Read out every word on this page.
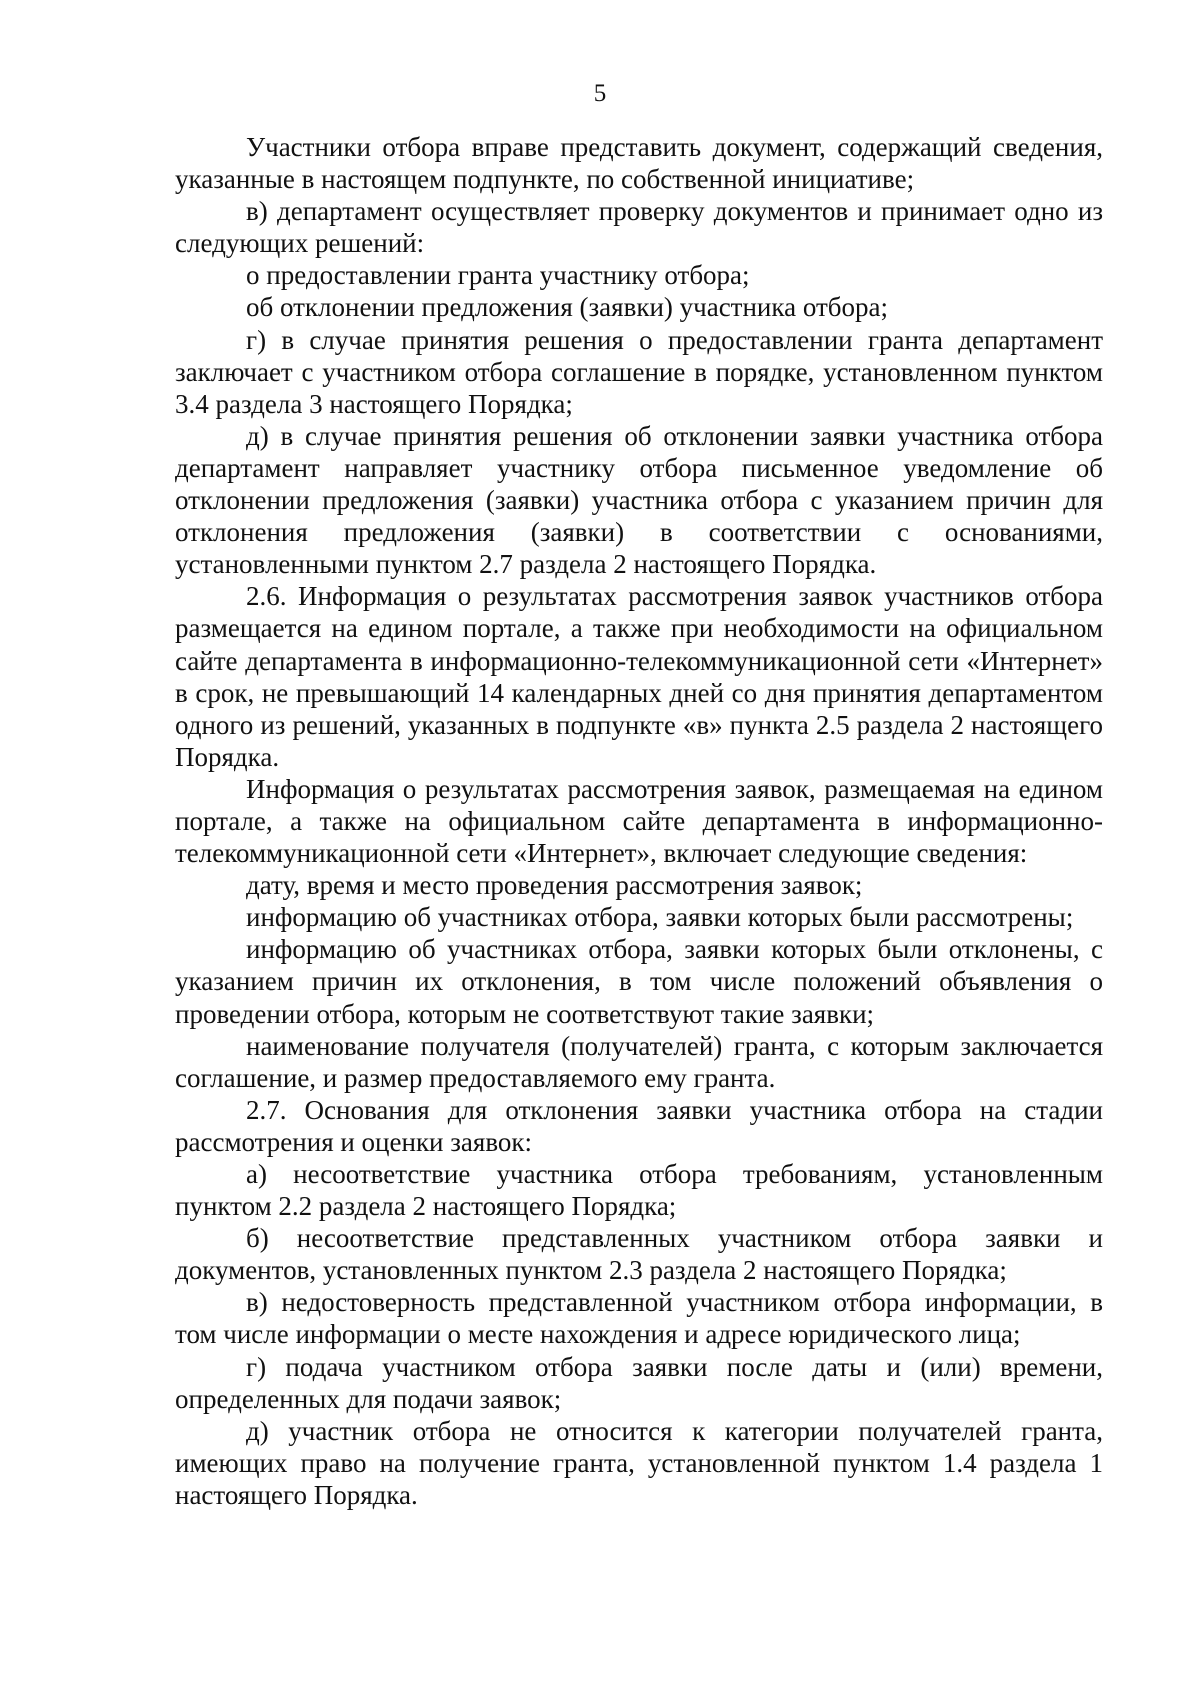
5

Участники отбора вправе представить документ, содержащий сведения, указанные в настоящем подпункте, по собственной инициативе;

в) департамент осуществляет проверку документов и принимает одно из следующих решений:

о предоставлении гранта участнику отбора;

об отклонении предложения (заявки) участника отбора;

г) в случае принятия решения о предоставлении гранта департамент заключает с участником отбора соглашение в порядке, установленном пунктом 3.4 раздела 3 настоящего Порядка;

д) в случае принятия решения об отклонении заявки участника отбора департамент направляет участнику отбора письменное уведомление об отклонении предложения (заявки) участника отбора с указанием причин для отклонения предложения (заявки) в соответствии с основаниями, установленными пунктом 2.7 раздела 2 настоящего Порядка.

2.6. Информация о результатах рассмотрения заявок участников отбора размещается на едином портале, а также при необходимости на официальном сайте департамента в информационно-телекоммуникационной сети «Интернет» в срок, не превышающий 14 календарных дней со дня принятия департаментом одного из решений, указанных в подпункте «в» пункта 2.5 раздела 2 настоящего Порядка.

Информация о результатах рассмотрения заявок, размещаемая на едином портале, а также на официальном сайте департамента в информационно-телекоммуникационной сети «Интернет», включает следующие сведения:

дату, время и место проведения рассмотрения заявок;

информацию об участниках отбора, заявки которых были рассмотрены;

информацию об участниках отбора, заявки которых были отклонены, с указанием причин их отклонения, в том числе положений объявления о проведении отбора, которым не соответствуют такие заявки;

наименование получателя (получателей) гранта, с которым заключается соглашение, и размер предоставляемого ему гранта.

2.7. Основания для отклонения заявки участника отбора на стадии рассмотрения и оценки заявок:

а) несоответствие участника отбора требованиям, установленным пунктом 2.2 раздела 2 настоящего Порядка;

б) несоответствие представленных участником отбора заявки и документов, установленных пунктом 2.3 раздела 2 настоящего Порядка;

в) недостоверность представленной участником отбора информации, в том числе информации о месте нахождения и адресе юридического лица;

г) подача участником отбора заявки после даты и (или) времени, определенных для подачи заявок;

д) участник отбора не относится к категории получателей гранта, имеющих право на получение гранта, установленной пунктом 1.4 раздела 1 настоящего Порядка.
